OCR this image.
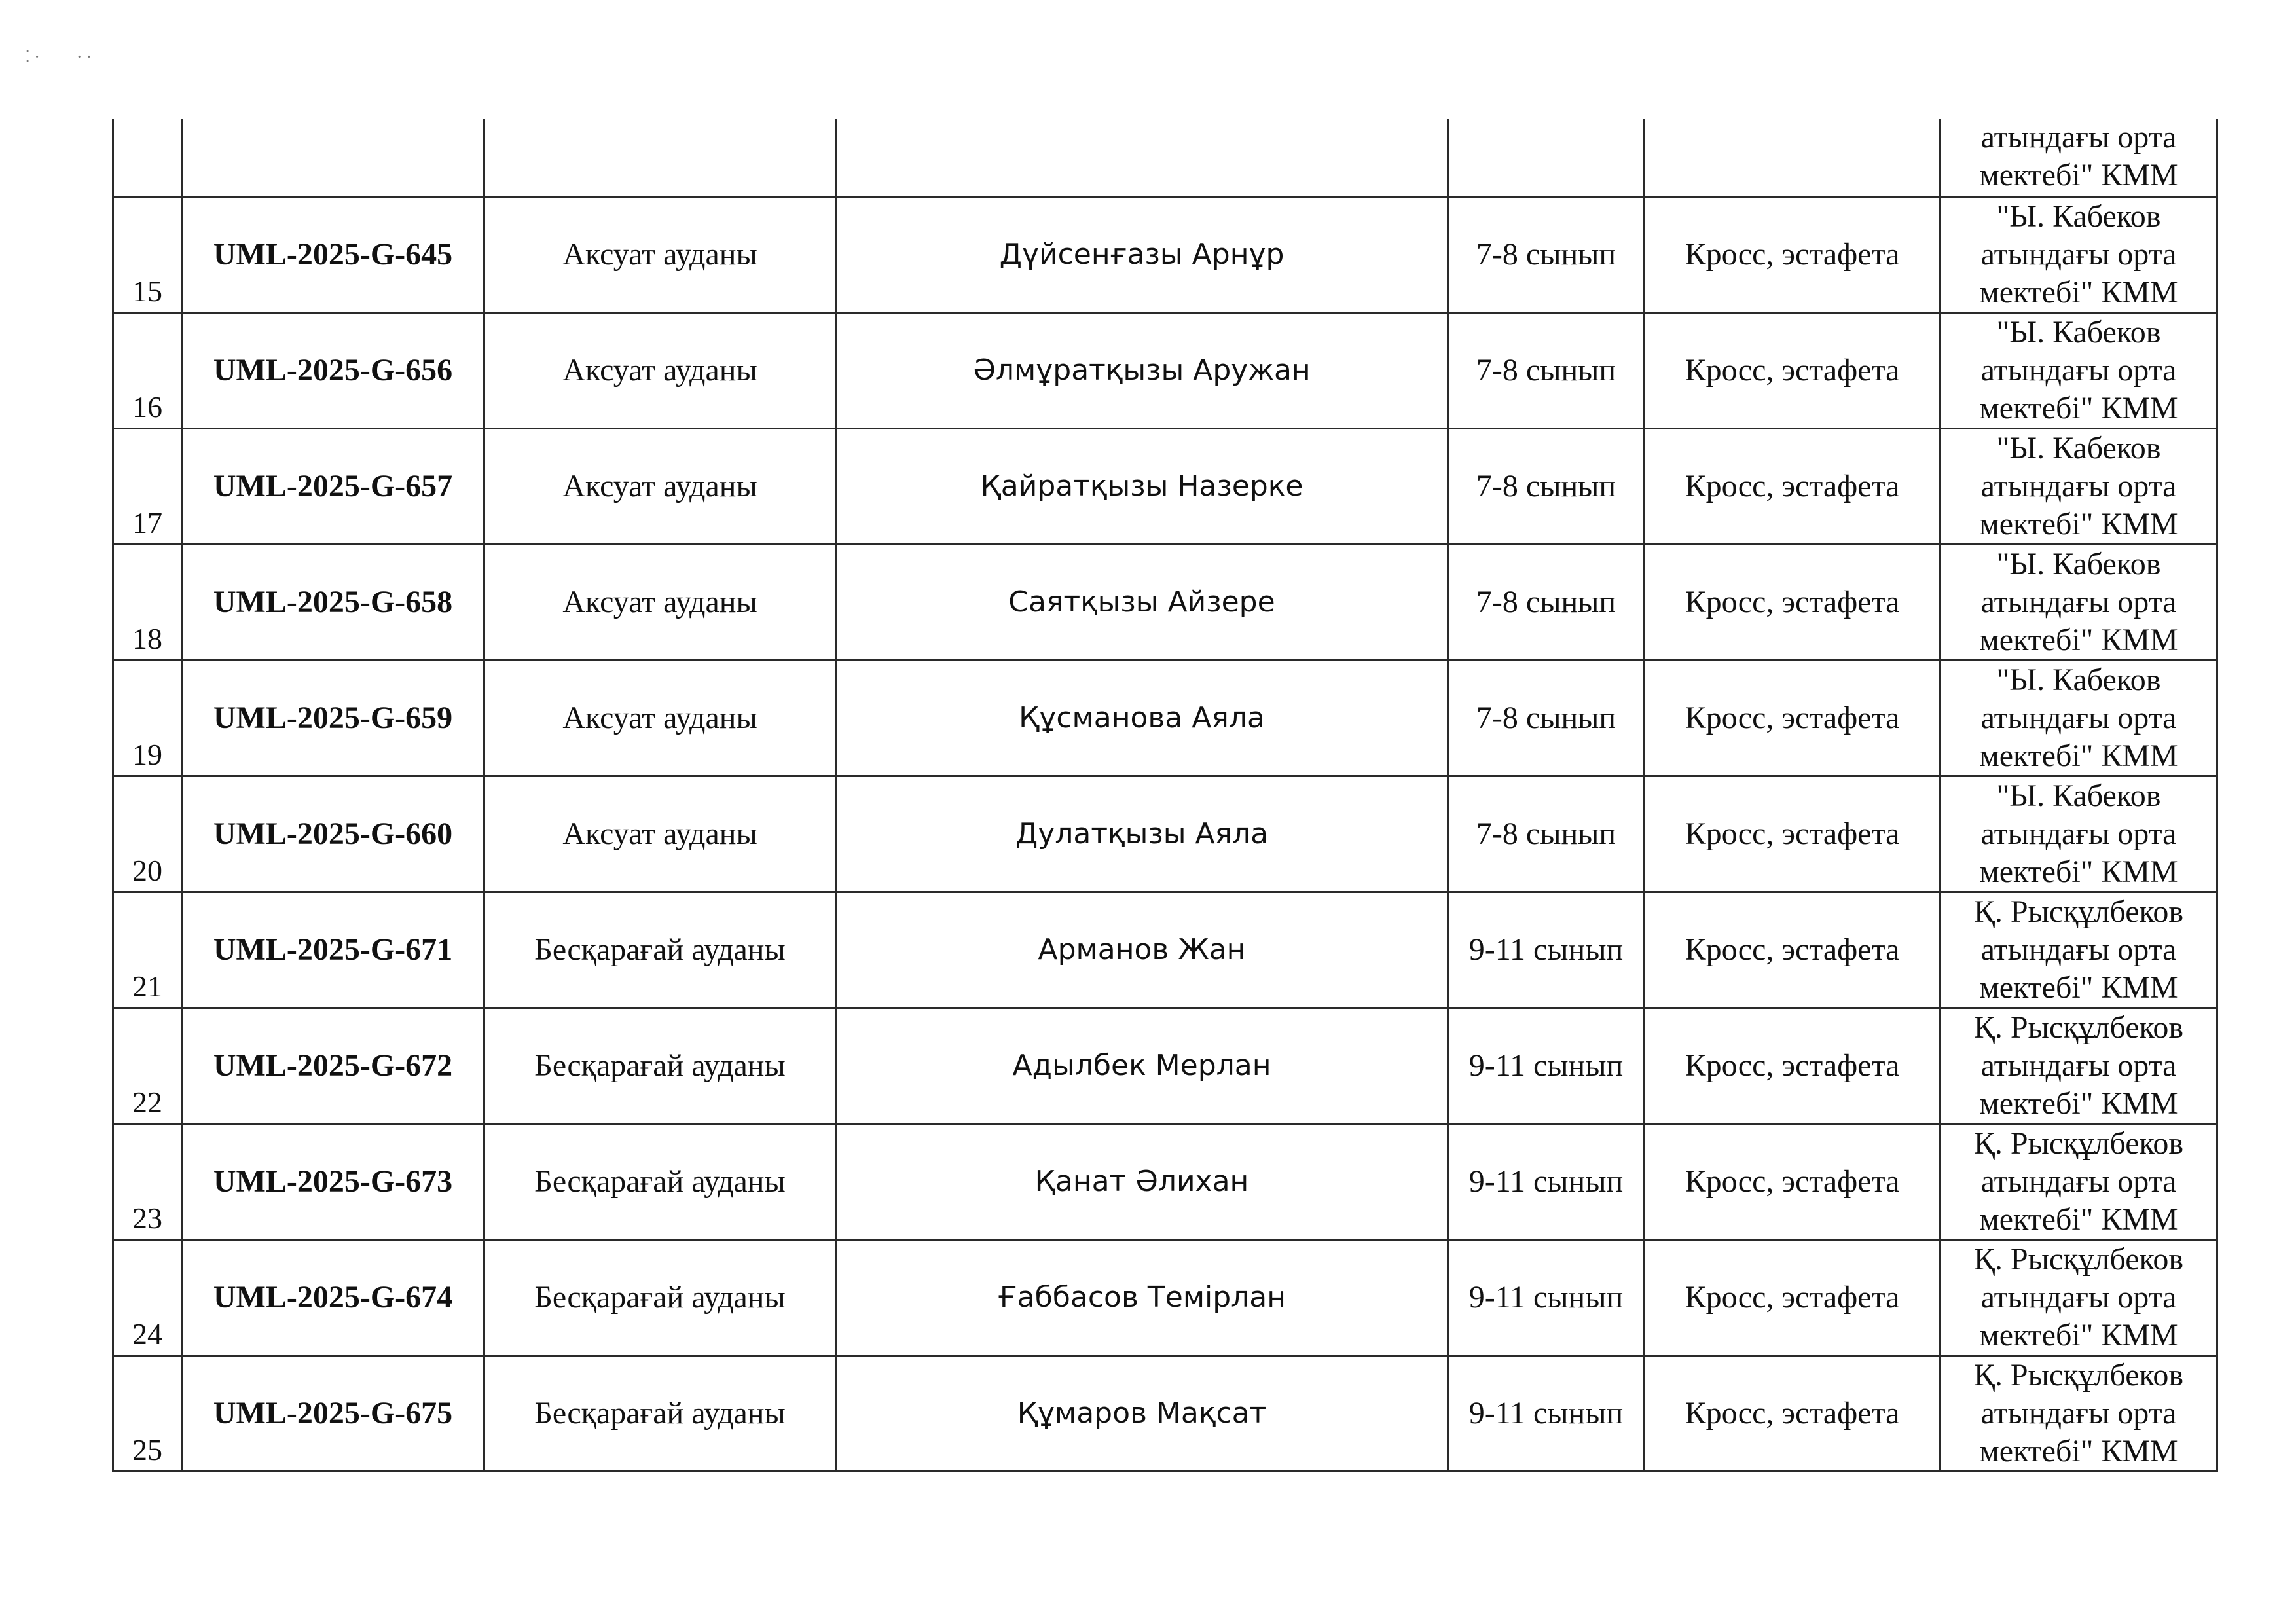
⁚·    ··

						атындағы орта
мектебі" КММ

15	UML-2025-G-645	Аксуат ауданы	Дүйсенғазы Арнұр	7-8 сынып	Кросс, эстафета	"Ы. Кабеков
атындағы орта
мектебі" КММ

16	UML-2025-G-656	Аксуат ауданы	Әлмұратқызы Аружан	7-8 сынып	Кросс, эстафета	"Ы. Кабеков
атындағы орта
мектебі" КММ

17	UML-2025-G-657	Аксуат ауданы	Қайратқызы Назерке	7-8 сынып	Кросс, эстафета	"Ы. Кабеков
атындағы орта
мектебі" КММ

18	UML-2025-G-658	Аксуат ауданы	Саятқызы Айзере	7-8 сынып	Кросс, эстафета	"Ы. Кабеков
атындағы орта
мектебі" КММ

19	UML-2025-G-659	Аксуат ауданы	Құсманова Аяла	7-8 сынып	Кросс, эстафета	"Ы. Кабеков
атындағы орта
мектебі" КММ

20	UML-2025-G-660	Аксуат ауданы	Дулатқызы Аяла	7-8 сынып	Кросс, эстафета	"Ы. Кабеков
атындағы орта
мектебі" КММ

21	UML-2025-G-671	Бесқарағай ауданы	Арманов Жан	9-11 сынып	Кросс, эстафета	Қ. Рысқұлбеков
атындағы орта
мектебі" КММ

22	UML-2025-G-672	Бесқарағай ауданы	Адылбек Мерлан	9-11 сынып	Кросс, эстафета	Қ. Рысқұлбеков
атындағы орта
мектебі" КММ

23	UML-2025-G-673	Бесқарағай ауданы	Қанат Әлихан	9-11 сынып	Кросс, эстафета	Қ. Рысқұлбеков
атындағы орта
мектебі" КММ

24	UML-2025-G-674	Бесқарағай ауданы	Ғаббасов Темірлан	9-11 сынып	Кросс, эстафета	Қ. Рысқұлбеков
атындағы орта
мектебі" КММ

25	UML-2025-G-675	Бесқарағай ауданы	Құмаров Мақсат	9-11 сынып	Кросс, эстафета	Қ. Рысқұлбеков
атындағы орта
мектебі" КММ
